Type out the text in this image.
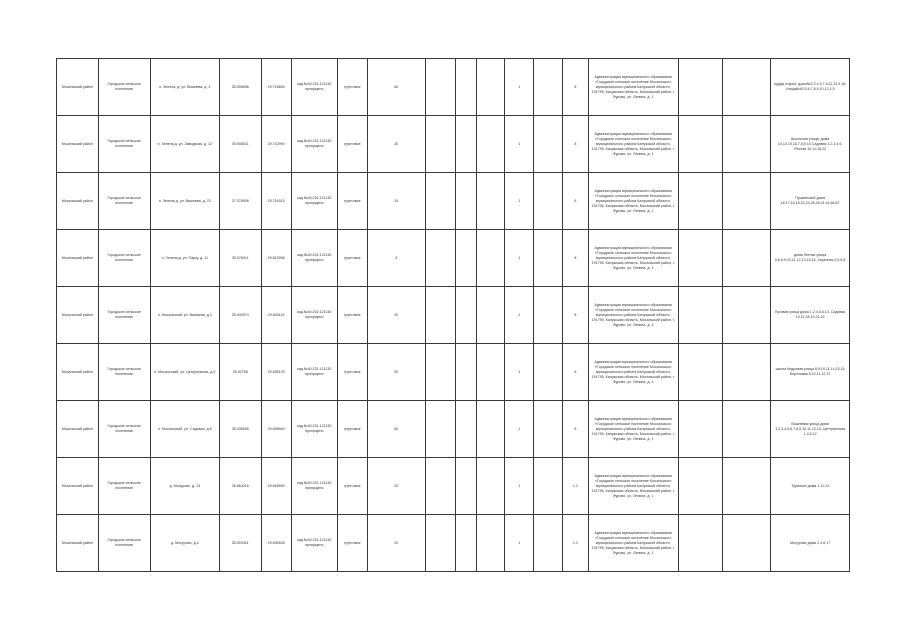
Мосальский район	Городское сельское поселение	п. Зелена, д. ул. Вишнева, д. 3	35.908956	29.718654	кад.№40:231:121130 пропущено	грунтовое	60				1		8	Администрация муниципального образования «Городское сельское поселение Мосальского муниципального района Калужской области, 191795, Калужская область, Мосальский район, г. Фурово, ул. Ленина, д. 1			пруды открыт. домо№2,3,4,5,7,8,11,12,9,16; Улица№40,5,6,7,8,9,10,12,1,5
Мосальский район	Городское сельское поселение	п. Зелена д. ул. Заводская, д. 12	35.908011	29.742990	кад.№40:231:121130 пропущено	грунтовое	20				1		8	Администрация муниципального образования «Городское сельское поселение Мосальского муниципального района Калужской области, 191795, Калужская область, Мосальский район, г. Фурово, ул. Ленина, д. 1			Школьная улица; дома 10,13,15,16,7,8,9,10,Садовая 1,2,3,4,5, Речная 10,11,18,22
Мосальский район	Городское сельское поселение	п. Зелена д. ул. Вишнева, д. 22	37.078906	29.751615	кад.№40:231:121130 пропущено	грунтовое	24				1		8	Администрация муниципального образования «Городское сельское поселение Мосальского муниципального района Калужской области, 191795, Калужская область, Мосальский район, г. Фурово, ул. Ленина, д. 1			Пушкинский дома 18,17,16,18,20,24,26,28,41,44,66,67
Мосальский район	Городское сельское поселение	п. Зелена д. ул. Парку, д. 11	35.976911	29.810956	кад.№40:231:121130 пропущено	грунтовое	3				1		8	Администрация муниципального образования «Городское сельское поселение Мосальского муниципального района Калужской области, 191795, Калужская область, Мосальский район, г. Фурово, ул. Ленина, д. 1			дома Летняя улица 5,6,8,9,10,11,12,13,15,16, Заречная 3,5,6,8
Мосальский район	Городское сельское поселение	п. Мосальский, ул. Вишнева, д.1	35.940974	29.694115	кад.№40:231:121130 пропущено	грунтовое	20				1		8	Администрация муниципального образования «Городское сельское поселение Мосальского муниципального района Калужской области, 191795, Калужская область, Мосальский район, г. Фурово, ул. Ленина, д. 1			Луговая улица дома 1,2,4,5,6,13, Садовая 10,11,18,19,21,22
Мосальский район	Городское сельское поселение	п. Мосальский, ул. Центральная, д.9	35.92758	29.695129	кад.№40:231:121130 пропущено	грунтовое	30				1		8	Администрация муниципального образования «Городское сельское поселение Мосальского муниципального района Калужской области, 191795, Калужская область, Мосальский район, г. Фурово, ул. Ленина, д. 1			школа Кедровая улица 8,9,10,11,14,15,16 Березовая 8,10,11,12,17
Мосальский район	Городское сельское поселение	п. Мосальский, ул. Садовая, д.8	35.938095	29.698940	кад.№40:231:121130 пропущено	грунтовое	60				1		8	Администрация муниципального образования «Городское сельское поселение Мосальского муниципального района Калужской области, 191795, Калужская область, Мосальский район, г. Фурово, ул. Ленина, д. 1			Вишнёвая улица дома 1,2,3,4,5,6,7,8,9,10,11,12,13, Центральная 1,3,5,12
Мосальский район	Городское сельское поселение	д. Мосурово, д. 13	35.864216	29.659659	кад.№40:231:121130 пропущено	грунтовое	20				1		1.1	Администрация муниципального образования «Городское сельское поселение Мосальского муниципального района Калужской области, 191795, Калужская область, Мосальский район, г. Фурово, ул. Ленина, д. 1			Турилкин дома 1,11,13
Мосальский район	Городское сельское поселение	д. Мосурово, д.4	35.903421	29.690535	кад.№40:231:121130 пропущено	грунтовое	20				1		1.1	Администрация муниципального образования «Городское сельское поселение Мосальского муниципального района Калужской области, 191795, Калужская область, Мосальский район, г. Фурово, ул. Ленина, д. 1			Мосурово дома 2,4,6,17
